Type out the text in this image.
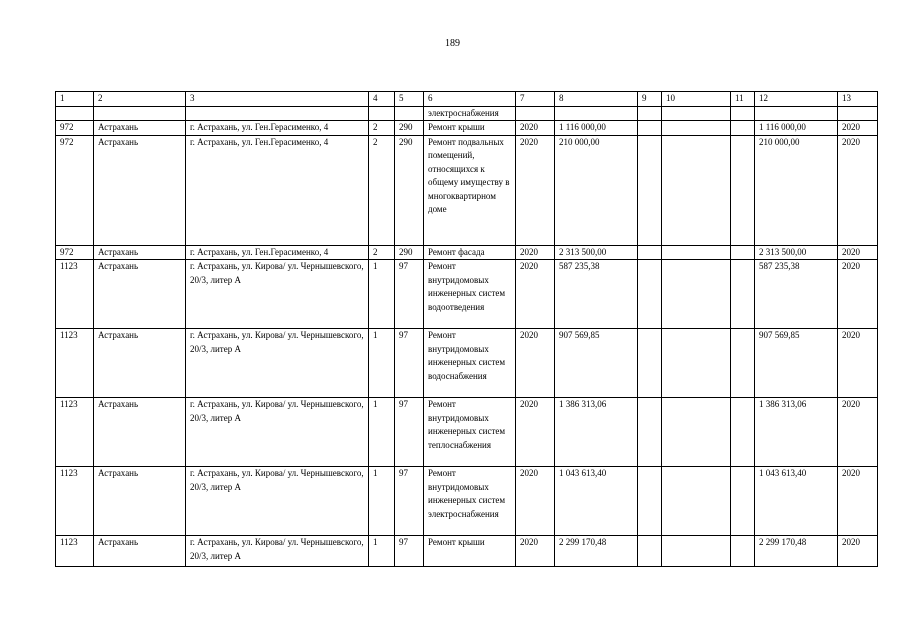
189
1	2	3	4	5	6	7	8	9	10	11	12	13
					электроснабжения							
972	Астрахань	г. Астрахань, ул. Ген.Герасименко, 4	2	290	Ремонт крыши	2020	1 116 000,00				1 116 000,00	2020
972	Астрахань	г. Астрахань, ул. Ген.Герасименко, 4	2	290	Ремонт подвальных помещений, относящихся к общему имуществу в многоквартирном доме	2020	210 000,00				210 000,00	2020
972	Астрахань	г. Астрахань, ул. Ген.Герасименко, 4	2	290	Ремонт фасада	2020	2 313 500,00				2 313 500,00	2020
1123	Астрахань	г. Астрахань, ул. Кирова/ ул. Чернышевского, 20/3, литер А	1	97	Ремонт внутридомовых инженерных систем водоотведения	2020	587 235,38				587 235,38	2020
1123	Астрахань	г. Астрахань, ул. Кирова/ ул. Чернышевского, 20/3, литер А	1	97	Ремонт внутридомовых инженерных систем водоснабжения	2020	907 569,85				907 569,85	2020
1123	Астрахань	г. Астрахань, ул. Кирова/ ул. Чернышевского, 20/3, литер А	1	97	Ремонт внутридомовых инженерных систем теплоснабжения	2020	1 386 313,06				1 386 313,06	2020
1123	Астрахань	г. Астрахань, ул. Кирова/ ул. Чернышевского, 20/3, литер А	1	97	Ремонт внутридомовых инженерных систем электроснабжения	2020	1 043 613,40				1 043 613,40	2020
1123	Астрахань	г. Астрахань, ул. Кирова/ ул. Чернышевского, 20/3, литер А	1	97	Ремонт крыши	2020	2 299 170,48				2 299 170,48	2020
